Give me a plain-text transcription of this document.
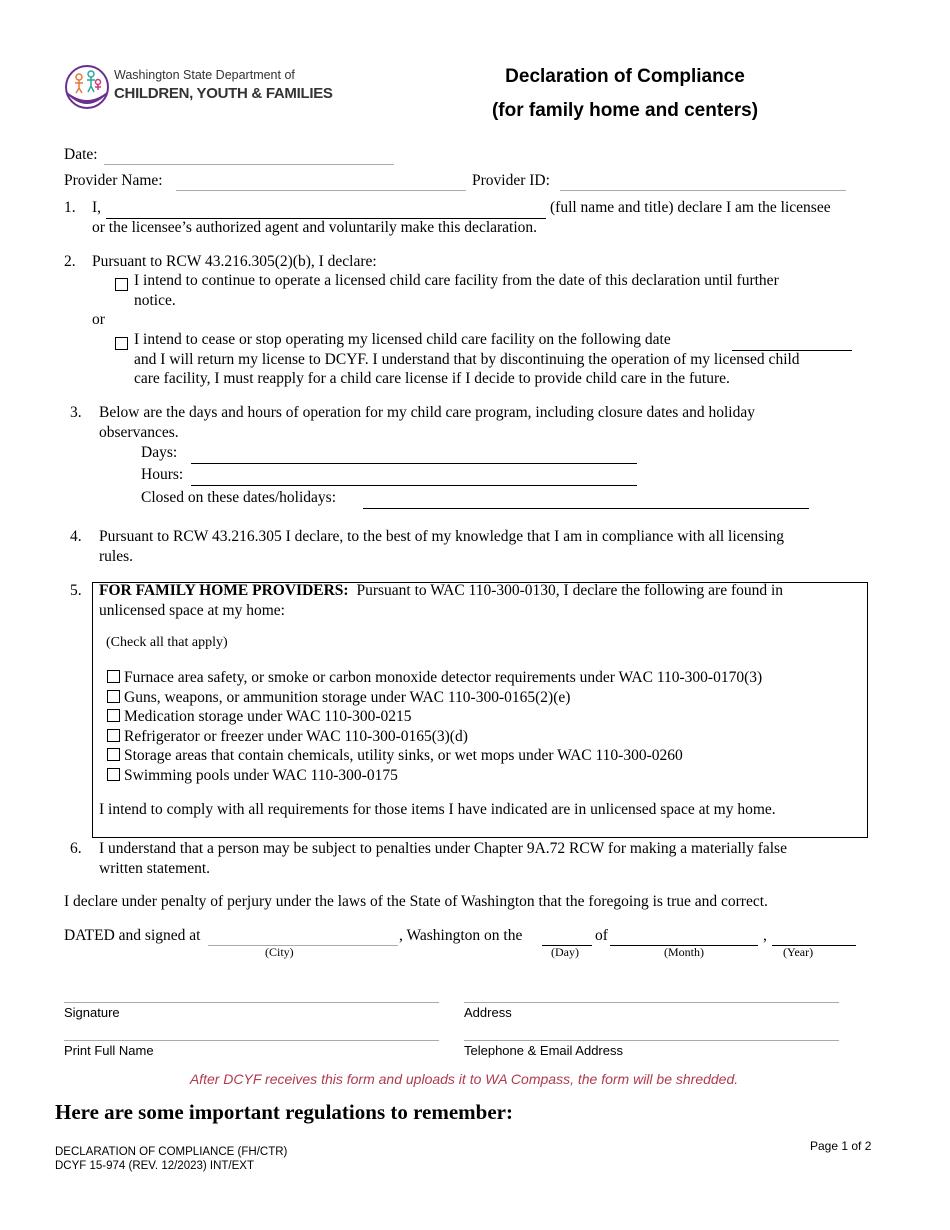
Washington State Department of
CHILDREN, YOUTH & FAMILIES
Declaration of Compliance
(for family home and centers)
Date:
Provider Name:	Provider ID:
1. I,	(full name and title) declare I am the licensee
or the licensee’s authorized agent and voluntarily make this declaration.
2. Pursuant to RCW 43.216.305(2)(b), I declare:
I intend to continue to operate a licensed child care facility from the date of this declaration until further
notice.
or
I intend to cease or stop operating my licensed child care facility on the following date
and I will return my license to DCYF. I understand that by discontinuing the operation of my licensed child
care facility, I must reapply for a child care license if I decide to provide child care in the future.
3. Below are the days and hours of operation for my child care program, including closure dates and holiday
observances.
Days:
Hours:
Closed on these dates/holidays:
4. Pursuant to RCW 43.216.305 I declare, to the best of my knowledge that I am in compliance with all licensing
rules.
5. FOR FAMILY HOME PROVIDERS: Pursuant to WAC 110-300-0130, I declare the following are found in
unlicensed space at my home:
(Check all that apply)
Furnace area safety, or smoke or carbon monoxide detector requirements under WAC 110-300-0170(3)
Guns, weapons, or ammunition storage under WAC 110-300-0165(2)(e)
Medication storage under WAC 110-300-0215
Refrigerator or freezer under WAC 110-300-0165(3)(d)
Storage areas that contain chemicals, utility sinks, or wet mops under WAC 110-300-0260
Swimming pools under WAC 110-300-0175
I intend to comply with all requirements for those items I have indicated are in unlicensed space at my home.
6. I understand that a person may be subject to penalties under Chapter 9A.72 RCW for making a materially false
written statement.
I declare under penalty of perjury under the laws of the State of Washington that the foregoing is true and correct.
DATED and signed at	, Washington on the	of	,
(City)	(Day)	(Month)	(Year)
Signature	Address
Print Full Name	Telephone & Email Address
After DCYF receives this form and uploads it to WA Compass, the form will be shredded.
Here are some important regulations to remember:
DECLARATION OF COMPLIANCE (FH/CTR)
DCYF 15-974 (REV. 12/2023) INT/EXT
Page 1 of 2
